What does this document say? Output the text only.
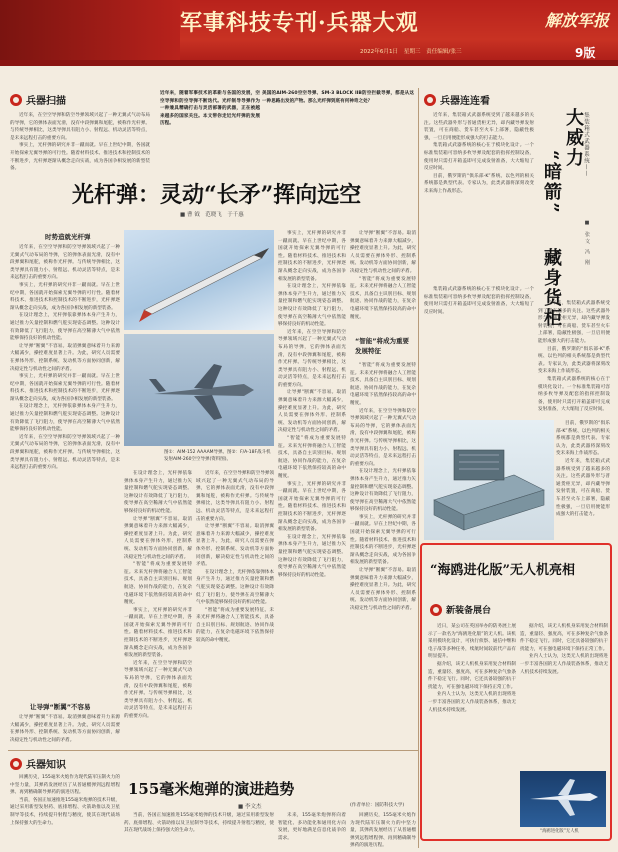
军事科技专刊·兵器大观	解放军报
2022年6月1日　星期三　责任编辑/张三	9版
兵器扫描
近年来，随着军事技术的革新与各国的发展，空空导弹和防空导弹不断迭代。光纤制导导弹作为一种兼具精确打击与灵活部署的武器，正在被越来越多的国家关注。本文带你走近光纤弹的发展历程。
美国的AIM-260空空导弹、SM-3 BLOCK IIB防空拦截导弹，都是从这一种思路出发的产物。那么光纤弹到底有何神奇之处？

近年来，在空空导弹和防空导弹领域兴起了一种无翼式气动布局的导弹，它的弹体表面光滑，没有中段弹翼和尾舵，被称作光杆弹。与传统导弹相比，这类导弹具有阻力小、射程远、机动灵活等特点，是未来远程打击的重要方向。

事实上，光杆弹的研究并非一蹴而就。早在上世纪中期，各国就开始探索无翼导弹的可行性。随着材料技术、推进技术和控制技术的不断进步，光杆弹逐渐从概念走向实战，成为各国争相发展的新型装备。

光杆弹：灵动“长矛”挥向远空
■ 曹 钺　范晓飞　于千惠
时势造就光杆弹

近年来，在空空导弹和防空导弹领域兴起了一种无翼式气动布局的导弹，它的弹体表面光滑，没有中段弹翼和尾舵，被称作光杆弹。与传统导弹相比，这类导弹具有阻力小、射程远、机动灵活等特点，是未来远程打击的重要方向。

事实上，光杆弹的研究并非一蹴而就。早在上世纪中期，各国就开始探索无翼导弹的可行性。随着材料技术、推进技术和控制技术的不断进步，光杆弹逐渐从概念走向实战，成为各国争相发展的新型装备。

在设计理念上，光杆弹依靠弹体本身产生升力，通过推力矢量控制和燃气舵实现姿态调整。这种设计有效降低了飞行阻力，使导弹在高空稀薄大气中依然能够保持良好的机动性能。

让导弹“断翼”不容易。取消弹翼意味着升力来源大幅减少，操控难度显著上升。为此，研究人员需要在弹体外形、控制系统、发动机等方面协同创新，解决稳定性与机动性之间的矛盾。

事实上，光杆弹的研究并非一蹴而就。早在上世纪中期，各国就开始探索无翼导弹的可行性。随着材料技术、推进技术和控制技术的不断进步，光杆弹逐渐从概念走向实战，成为各国争相发展的新型装备。

在设计理念上，光杆弹依靠弹体本身产生升力，通过推力矢量控制和燃气舵实现姿态调整。这种设计有效降低了飞行阻力，使导弹在高空稀薄大气中依然能够保持良好的机动性能。

近年来，在空空导弹和防空导弹领域兴起了一种无翼式气动布局的导弹，它的弹体表面光滑，没有中段弹翼和尾舵，被称作光杆弹。与传统导弹相比，这类导弹具有阻力小、射程远、机动灵活等特点，是未来远程打击的重要方向。

图①：AIM-152 AAAAM导弹。图②：F/A-18F战斗机发射AIM-260空空导弹(资料图)。

在设计理念上，光杆弹依靠弹体本身产生升力，通过推力矢量控制和燃气舵实现姿态调整。这种设计有效降低了飞行阻力，使导弹在高空稀薄大气中依然能够保持良好的机动性能。

让导弹“断翼”不容易。取消弹翼意味着升力来源大幅减少，操控难度显著上升。为此，研究人员需要在弹体外形、控制系统、发动机等方面协同创新，解决稳定性与机动性之间的矛盾。

“智能”将成为重要发展特征。未来光杆弹将融合人工智能技术，具备自主识别目标、规划航迹、协同作战的能力，在复杂电磁环境下依然保持较高的命中精度。

事实上，光杆弹的研究并非一蹴而就。早在上世纪中期，各国就开始探索无翼导弹的可行性。随着材料技术、推进技术和控制技术的不断进步，光杆弹逐渐从概念走向实战，成为各国争相发展的新型装备。

近年来，在空空导弹和防空导弹领域兴起了一种无翼式气动布局的导弹，它的弹体表面光滑，没有中段弹翼和尾舵，被称作光杆弹。与传统导弹相比，这类导弹具有阻力小、射程远、机动灵活等特点，是未来远程打击的重要方向。

近年来，在空空导弹和防空导弹领域兴起了一种无翼式气动布局的导弹，它的弹体表面光滑，没有中段弹翼和尾舵，被称作光杆弹。与传统导弹相比，这类导弹具有阻力小、射程远、机动灵活等特点，是未来远程打击的重要方向。

让导弹“断翼”不容易。取消弹翼意味着升力来源大幅减少，操控难度显著上升。为此，研究人员需要在弹体外形、控制系统、发动机等方面协同创新，解决稳定性与机动性之间的矛盾。

在设计理念上，光杆弹依靠弹体本身产生升力，通过推力矢量控制和燃气舵实现姿态调整。这种设计有效降低了飞行阻力，使导弹在高空稀薄大气中依然能够保持良好的机动性能。

“智能”将成为重要发展特征。未来光杆弹将融合人工智能技术，具备自主识别目标、规划航迹、协同作战的能力，在复杂电磁环境下依然保持较高的命中精度。

事实上，光杆弹的研究并非一蹴而就。早在上世纪中期，各国就开始探索无翼导弹的可行性。随着材料技术、推进技术和控制技术的不断进步，光杆弹逐渐从概念走向实战，成为各国争相发展的新型装备。

在设计理念上，光杆弹依靠弹体本身产生升力，通过推力矢量控制和燃气舵实现姿态调整。这种设计有效降低了飞行阻力，使导弹在高空稀薄大气中依然能够保持良好的机动性能。

近年来，在空空导弹和防空导弹领域兴起了一种无翼式气动布局的导弹，它的弹体表面光滑，没有中段弹翼和尾舵，被称作光杆弹。与传统导弹相比，这类导弹具有阻力小、射程远、机动灵活等特点，是未来远程打击的重要方向。

让导弹“断翼”不容易。取消弹翼意味着升力来源大幅减少，操控难度显著上升。为此，研究人员需要在弹体外形、控制系统、发动机等方面协同创新，解决稳定性与机动性之间的矛盾。

“智能”将成为重要发展特征。未来光杆弹将融合人工智能技术，具备自主识别目标、规划航迹、协同作战的能力，在复杂电磁环境下依然保持较高的命中精度。

事实上，光杆弹的研究并非一蹴而就。早在上世纪中期，各国就开始探索无翼导弹的可行性。随着材料技术、推进技术和控制技术的不断进步，光杆弹逐渐从概念走向实战，成为各国争相发展的新型装备。

在设计理念上，光杆弹依靠弹体本身产生升力，通过推力矢量控制和燃气舵实现姿态调整。这种设计有效降低了飞行阻力，使导弹在高空稀薄大气中依然能够保持良好的机动性能。

让导弹“断翼”不容易。取消弹翼意味着升力来源大幅减少，操控难度显著上升。为此，研究人员需要在弹体外形、控制系统、发动机等方面协同创新，解决稳定性与机动性之间的矛盾。

“智能”将成为重要发展特征。未来光杆弹将融合人工智能技术，具备自主识别目标、规划航迹、协同作战的能力，在复杂电磁环境下依然保持较高的命中精度。

“智能”将成为重要发展特征

“智能”将成为重要发展特征。未来光杆弹将融合人工智能技术，具备自主识别目标、规划航迹、协同作战的能力，在复杂电磁环境下依然保持较高的命中精度。

近年来，在空空导弹和防空导弹领域兴起了一种无翼式气动布局的导弹，它的弹体表面光滑，没有中段弹翼和尾舵，被称作光杆弹。与传统导弹相比，这类导弹具有阻力小、射程远、机动灵活等特点，是未来远程打击的重要方向。

在设计理念上，光杆弹依靠弹体本身产生升力，通过推力矢量控制和燃气舵实现姿态调整。这种设计有效降低了飞行阻力，使导弹在高空稀薄大气中依然能够保持良好的机动性能。

事实上，光杆弹的研究并非一蹴而就。早在上世纪中期，各国就开始探索无翼导弹的可行性。随着材料技术、推进技术和控制技术的不断进步，光杆弹逐渐从概念走向实战，成为各国争相发展的新型装备。

让导弹“断翼”不容易。取消弹翼意味着升力来源大幅减少，操控难度显著上升。为此，研究人员需要在弹体外形、控制系统、发动机等方面协同创新，解决稳定性与机动性之间的矛盾。

(作者单位：国防科技大学)
让导弹“断翼”不容易

让导弹“断翼”不容易。取消弹翼意味着升力来源大幅减少，操控难度显著上升。为此，研究人员需要在弹体外形、控制系统、发动机等方面协同创新，解决稳定性与机动性之间的矛盾。

兵器知识
155毫米炮弹的演进趋势
■ 李文杰

回溯历史，155毫米火炮作为现代陆军压制火力的中坚力量，其弹药发展经历了从普通榴弹到远程增程弹、再到精确制导弹药的演进历程。

当前，各国正加速推进155毫米炮弹的技术升级，通过采用新型发射药、底排增程、火箭助推以及卫星制导等技术，持续提升射程与精度，使其在现代战场上保持强大的生命力。

当前，各国正加速推进155毫米炮弹的技术升级，通过采用新型发射药、底排增程、火箭助推以及卫星制导等技术，持续提升射程与精度，使其在现代战场上保持强大的生命力。

未来，155毫米炮弹将向着智能化、多功能化和通用化方向发展，更好地满足信息化战争的需求。

回溯历史，155毫米火炮作为现代陆军压制火力的中坚力量，其弹药发展经历了从普通榴弹到远程增程弹、再到精确制导弹药的演进历程。

兵器连连看

近年来，集装箱式武器系统受到了越来越多的关注。这些武器外形与普通货柜无异，却内藏导弹发射装置，可在商船、货车甚至火车上部署，隐蔽性极强，一旦启用便能形成强大的打击能力。

集装箱式武器系统的核心在于模块化设计。一个标准集装箱可容纳多枚导弹及配套的指挥控制设备，使用时只需打开箱盖即可完成发射准备，大大缩短了反应时间。

目前，俄罗斯的“俱乐部-K”系统、以色列的相关系统都是典型代表。专家认为，此类武器将深刻改变未来海上作战形态。

集装箱式武器系统——
大威力
“暗箭”
藏身货柜
■ 张文 冯 刚

集装箱式武器系统的核心在于模块化设计。一个标准集装箱可容纳多枚导弹及配套的指挥控制设备，使用时只需打开箱盖即可完成发射准备，大大缩短了反应时间。

近年来，集装箱式武器系统受到了越来越多的关注。这些武器外形与普通货柜无异，却内藏导弹发射装置，可在商船、货车甚至火车上部署，隐蔽性极强，一旦启用便能形成强大的打击能力。

目前，俄罗斯的“俱乐部-K”系统、以色列的相关系统都是典型代表。专家认为，此类武器将深刻改变未来海上作战形态。

集装箱式武器系统的核心在于模块化设计。一个标准集装箱可容纳多枚导弹及配套的指挥控制设备，使用时只需打开箱盖即可完成发射准备，大大缩短了反应时间。

目前，俄罗斯的“俱乐部-K”系统、以色列的相关系统都是典型代表。专家认为，此类武器将深刻改变未来海上作战形态。

近年来，集装箱式武器系统受到了越来越多的关注。这些武器外形与普通货柜无异，却内藏导弹发射装置，可在商船、货车甚至火车上部署，隐蔽性极强，一旦启用便能形成强大的打击能力。

“海鸥进化版”无人机亮相
新装备展台

近日，某公司在英国举办的防务展上展示了一款名为“海鸥进化版”的无人机。该机采用模块化设计，可执行侦察、通信中继和电子战等多种任务，续航时间较前代产品有明显提升。

据介绍，该无人机机身采用复合材料制造，重量轻、强度高，可在多种复杂气象条件下稳定飞行。同时，它还具备较强的抗干扰能力，可在强电磁环境下保持正常工作。

业内人士认为，这类无人机的出现将进一步丰富各国的无人作战装备体系，推动无人机技术持续发展。

据介绍，该无人机机身采用复合材料制造，重量轻、强度高，可在多种复杂气象条件下稳定飞行。同时，它还具备较强的抗干扰能力，可在强电磁环境下保持正常工作。

业内人士认为，这类无人机的出现将进一步丰富各国的无人作战装备体系，推动无人机技术持续发展。

“海鸥进化版”无人机
